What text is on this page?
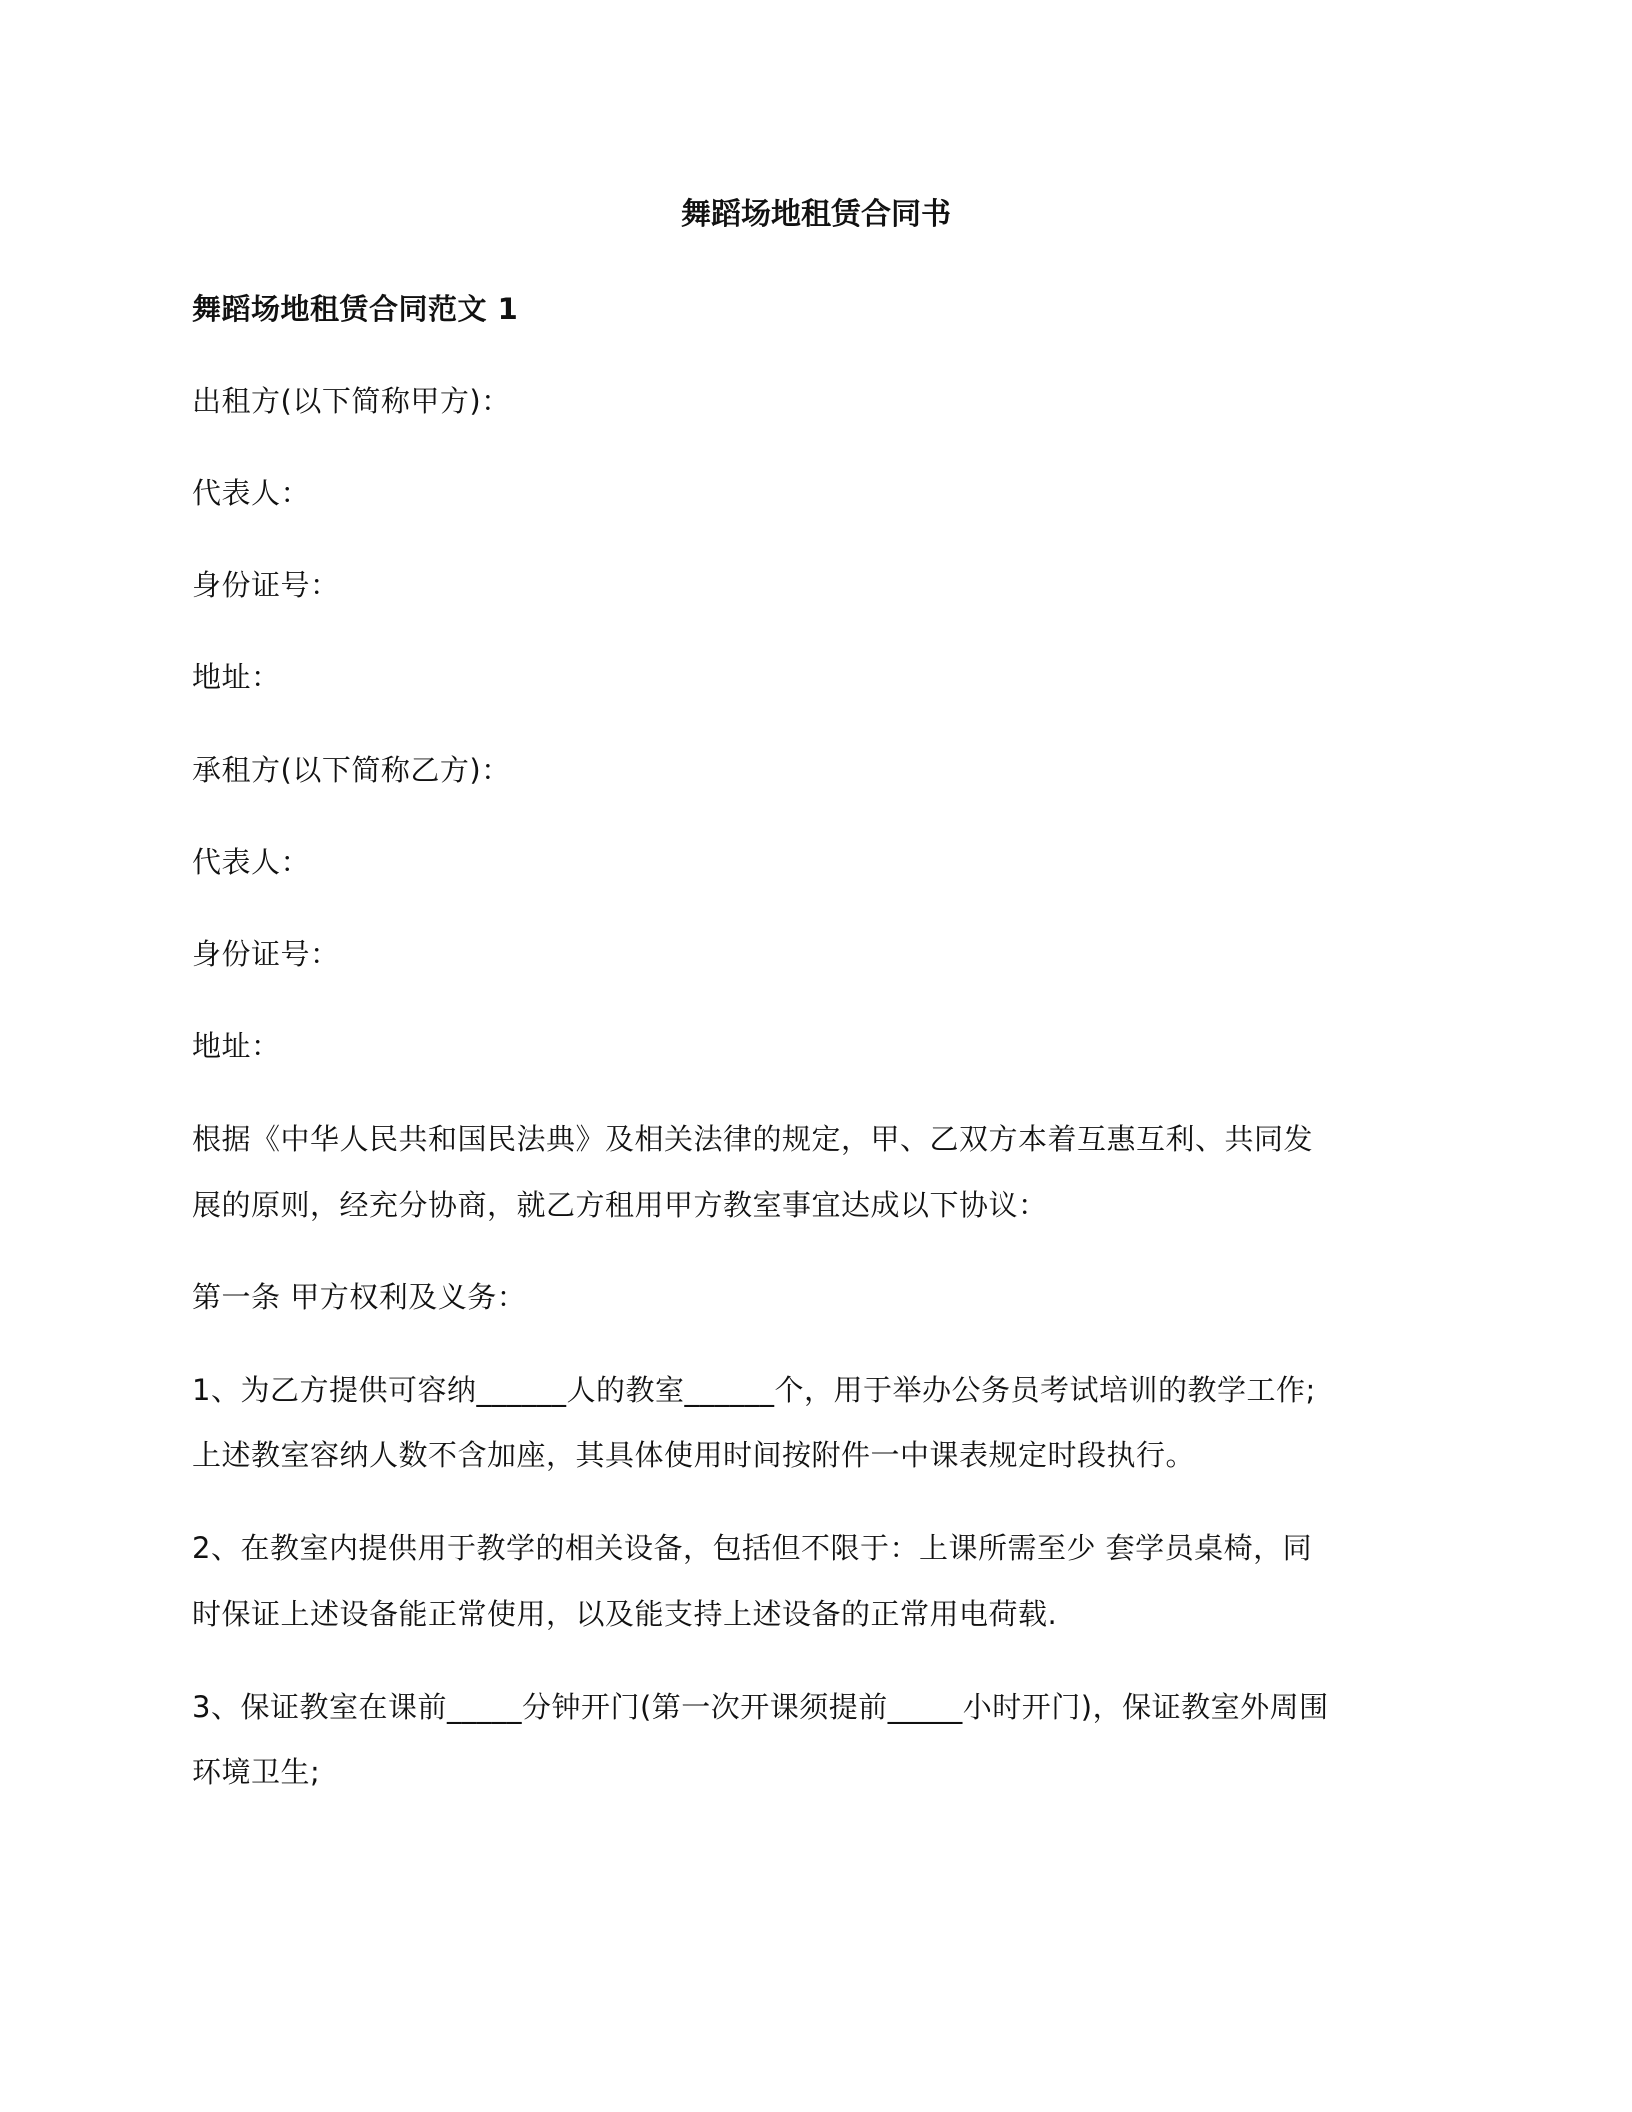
舞蹈场地租赁合同书

舞蹈场地租赁合同范文 1

出租方(以下简称甲方)：

代表人：

身份证号：

地址：

承租方(以下简称乙方)：

代表人：

身份证号：

地址：

根据《中华人民共和国民法典》及相关法律的规定，甲、乙双方本着互惠互利、共同发

展的原则，经充分协商，就乙方租用甲方教室事宜达成以下协议：

第一条 甲方权利及义务：

1、为乙方提供可容纳______人的教室______个，用于举办公务员考试培训的教学工作;

上述教室容纳人数不含加座，其具体使用时间按附件一中课表规定时段执行。

2、在教室内提供用于教学的相关设备，包括但不限于：上课所需至少 套学员桌椅，同

时保证上述设备能正常使用，以及能支持上述设备的正常用电荷载.

3、保证教室在课前_____分钟开门(第一次开课须提前_____小时开门)，保证教室外周围

环境卫生;
